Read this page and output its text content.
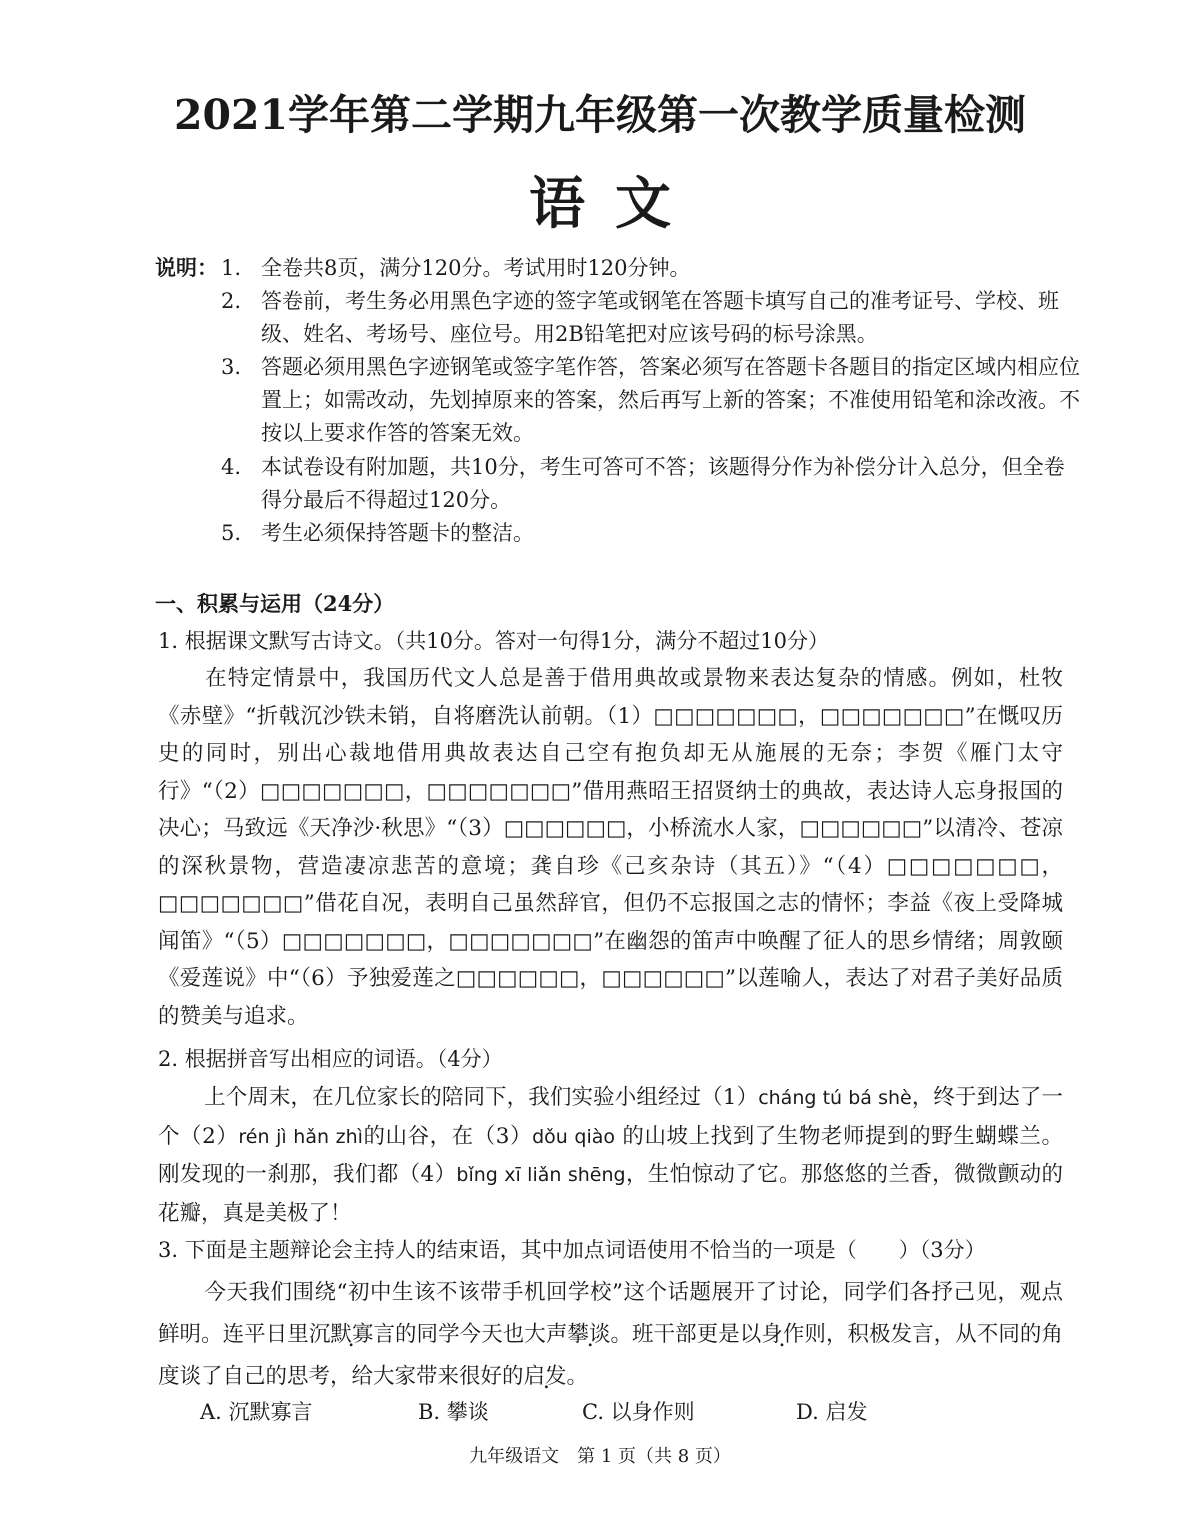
2021学年第二学期九年级第一次教学质量检测
语文
说明： 1. 全卷共8页，满分120分。考试用时120分钟。
2. 答卷前，考生务必用黑色字迹的签字笔或钢笔在答题卡填写自己的准考证号、学校、班级、姓名、考场号、座位号。用2B铅笔把对应该号码的标号涂黑。
3. 答题必须用黑色字迹钢笔或签字笔作答，答案必须写在答题卡各题目的指定区域内相应位置上；如需改动，先划掉原来的答案，然后再写上新的答案；不准使用铅笔和涂改液。不按以上要求作答的答案无效。
4. 本试卷设有附加题，共10分，考生可答可不答；该题得分作为补偿分计入总分，但全卷得分最后不得超过120分。
5. 考生必须保持答题卡的整洁。
一、积累与运用（24分）
1. 根据课文默写古诗文。（共10分。答对一句得1分，满分不超过10分）
在特定情景中，我国历代文人总是善于借用典故或景物来表达复杂的情感。例如，杜牧《赤壁》“折戟沉沙铁未销，自将磨洗认前朝。（1）□□□□□□□，□□□□□□□”在慨叹历史的同时，别出心裁地借用典故表达自己空有抱负却无从施展的无奈；李贺《雁门太守行》“（2）□□□□□□□，□□□□□□□”借用燕昭王招贤纳士的典故，表达诗人忘身报国的决心；马致远《天净沙·秋思》“（3）□□□□□□，小桥流水人家，□□□□□□”以清冷、苍凉的深秋景物，营造凄凉悲苦的意境；龚自珍《己亥杂诗（其五）》“（4）□□□□□□□，□□□□□□□”借花自况，表明自己虽然辞官，但仍不忘报国之志的情怀；李益《夜上受降城闻笛》“（5）□□□□□□□，□□□□□□□”在幽怨的笛声中唤醒了征人的思乡情绪；周敦颐《爱莲说》中“（6）予独爱莲之□□□□□□，□□□□□□”以莲喻人，表达了对君子美好品质的赞美与追求。
2. 根据拼音写出相应的词语。（4分）
上个周末，在几位家长的陪同下，我们实验小组经过（1）cháng tú bá shè，终于到达了一个（2）rén jì hǎn zhì的山谷，在（3）dǒu qiào 的山坡上找到了生物老师提到的野生蝴蝶兰。刚发现的一刹那，我们都（4）bǐng xī liǎn shēng，生怕惊动了它。那悠悠的兰香，微微颤动的花瓣，真是美极了！
3. 下面是主题辩论会主持人的结束语，其中加点词语使用不恰当的一项是（　　）（3分）
今天我们围绕“初中生该不该带手机回学校”这个话题展开了讨论，同学们各抒己见，观点鲜明。连平日里沉默寡言 .的同学今天也大声攀谈 .。班干部更是以身作则 .，积极发言，从不同的角度谈了自己的思考，给大家带来很好的启发 .。
A. 沉默寡言	B. 攀谈	C. 以身作则	D. 启发
九年级语文　第 1 页（共 8 页）
